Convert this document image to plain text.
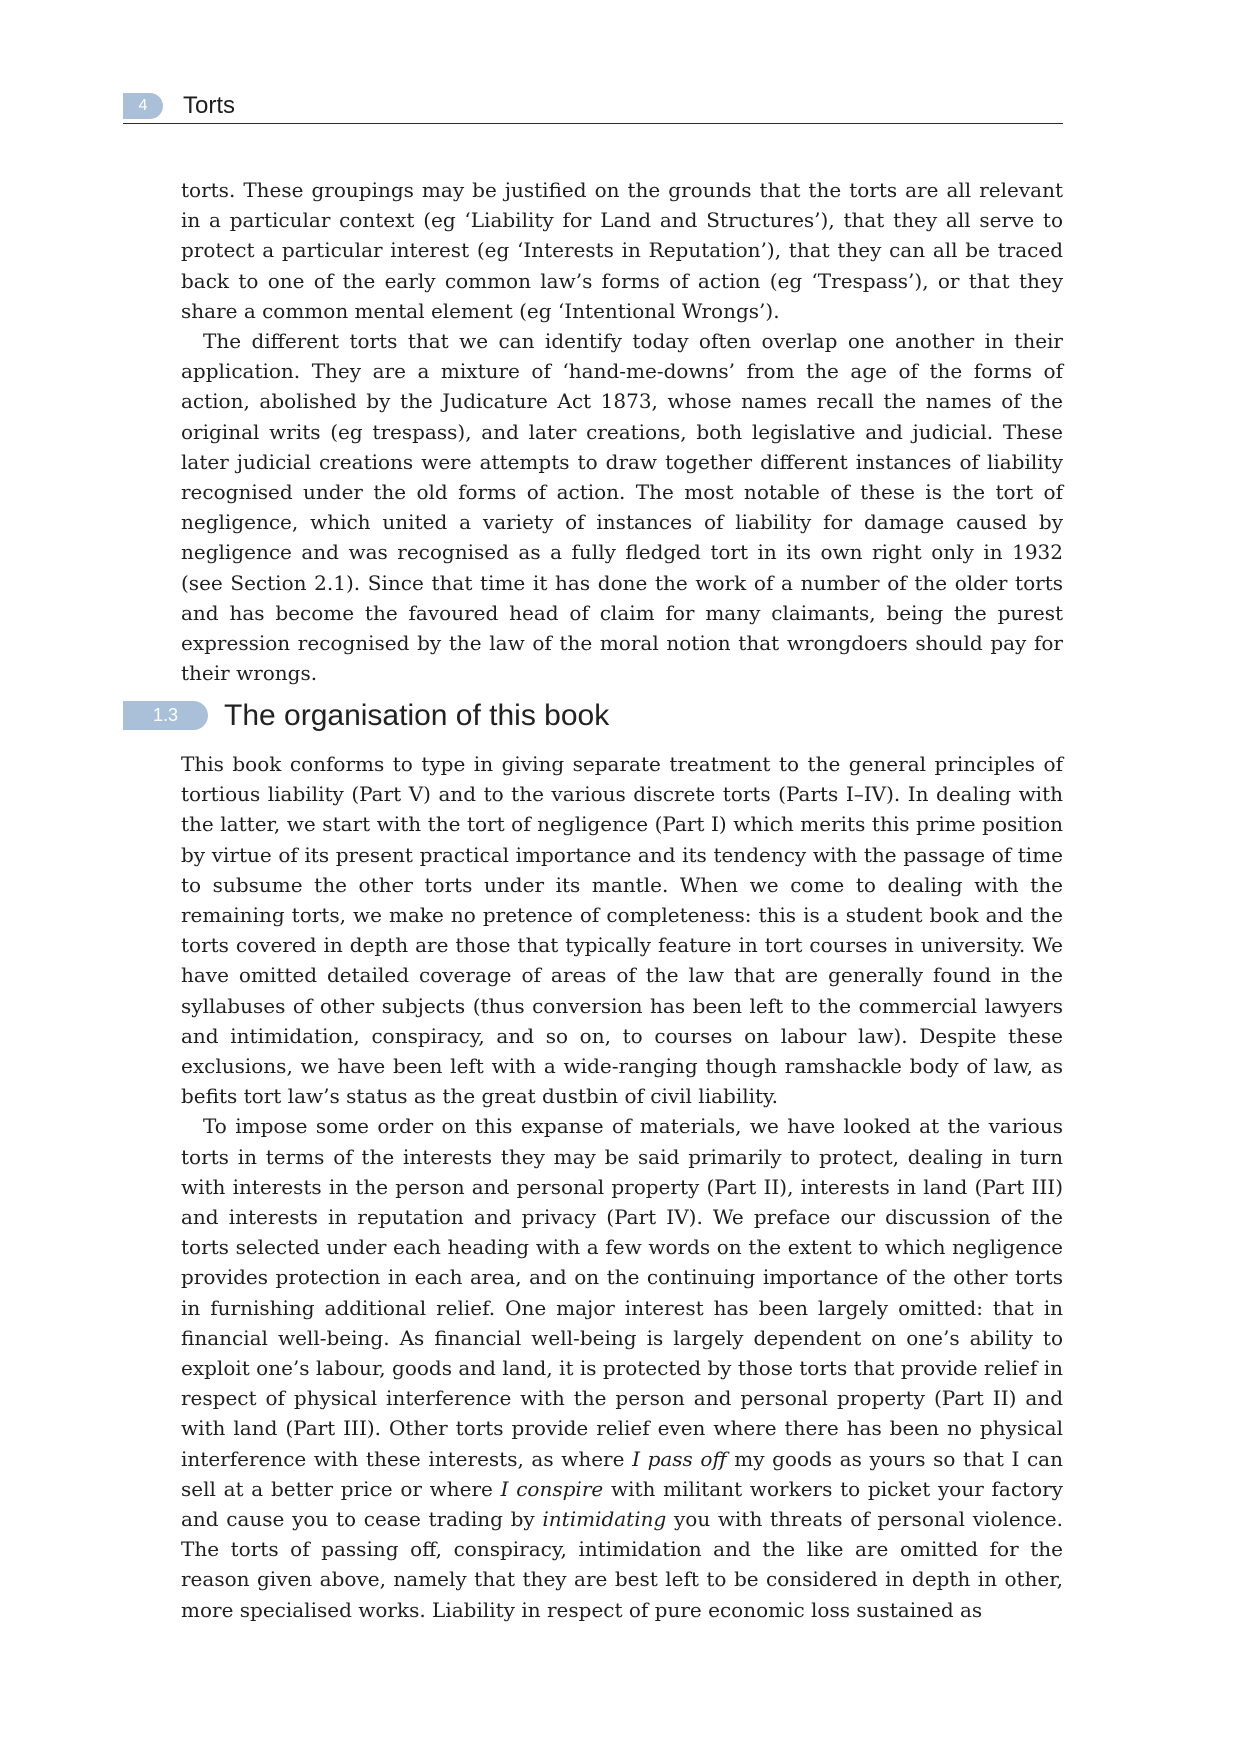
4	Torts

torts. These groupings may be justified on the grounds that the torts are all relevant in a particular context (eg ‘Liability for Land and Structures’), that they all serve to protect a particular interest (eg ‘Interests in Reputation’), that they can all be traced back to one of the early common law’s forms of action (eg ‘Trespass’), or that they share a common mental element (eg ‘Intentional Wrongs’).

The different torts that we can identify today often overlap one another in their application. They are a mixture of ‘hand-me-downs’ from the age of the forms of action, abolished by the Judicature Act 1873, whose names recall the names of the original writs (eg trespass), and later creations, both legislative and judicial. These later judicial creations were attempts to draw together different instances of liability recognised under the old forms of action. The most notable of these is the tort of negligence, which united a variety of instances of liability for damage caused by negligence and was recognised as a fully fledged tort in its own right only in 1932 (see Section 2.1). Since that time it has done the work of a number of the older torts and has become the favoured head of claim for many claimants, being the purest expression recognised by the law of the moral notion that wrongdoers should pay for their wrongs.

1.3	The organisation of this book

This book conforms to type in giving separate treatment to the general principles of tortious liability (Part V) and to the various discrete torts (Parts I–IV). In dealing with the latter, we start with the tort of negligence (Part I) which merits this prime position by virtue of its present practical importance and its tendency with the passage of time to subsume the other torts under its mantle. When we come to dealing with the remaining torts, we make no pretence of completeness: this is a student book and the torts covered in depth are those that typically feature in tort courses in university. We have omitted detailed coverage of areas of the law that are generally found in the syllabuses of other subjects (thus conversion has been left to the commercial lawyers and intimidation, conspiracy, and so on, to courses on labour law). Despite these exclusions, we have been left with a wide-ranging though ramshackle body of law, as befits tort law’s status as the great dustbin of civil liability.

To impose some order on this expanse of materials, we have looked at the various torts in terms of the interests they may be said primarily to protect, dealing in turn with interests in the person and personal property (Part II), interests in land (Part III) and interests in reputation and privacy (Part IV). We preface our discussion of the torts selected under each heading with a few words on the extent to which negligence provides protection in each area, and on the continuing importance of the other torts in furnishing additional relief. One major interest has been largely omitted: that in financial well-being. As financial well-being is largely dependent on one’s ability to exploit one’s labour, goods and land, it is protected by those torts that provide relief in respect of physical interference with the person and personal property (Part II) and with land (Part III). Other torts provide relief even where there has been no physical interference with these interests, as where I pass off my goods as yours so that I can sell at a better price or where I conspire with militant workers to picket your factory and cause you to cease trading by intimidating you with threats of personal violence. The torts of passing off, conspiracy, intimidation and the like are omitted for the reason given above, namely that they are best left to be considered in depth in other, more specialised works. Liability in respect of pure economic loss sustained as
